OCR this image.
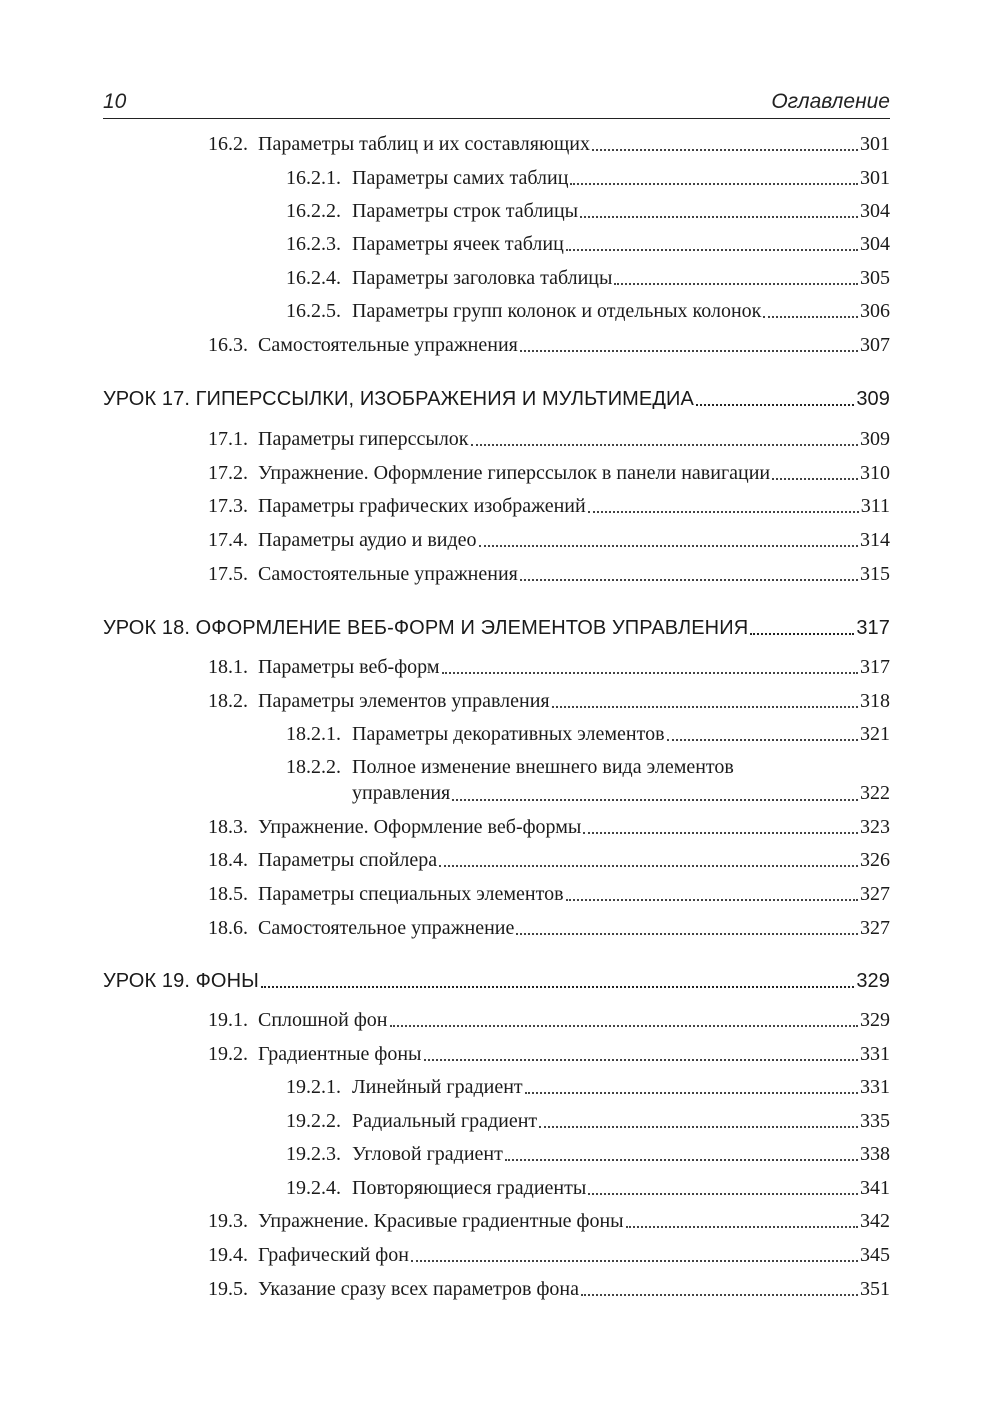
10	Оглавление
16.2. Параметры таблиц и их составляющих	301
16.2.1. Параметры самих таблиц	301
16.2.2. Параметры строк таблицы	304
16.2.3. Параметры ячеек таблиц	304
16.2.4. Параметры заголовка таблицы	305
16.2.5. Параметры групп колонок и отдельных колонок	306
16.3. Самостоятельные упражнения	307
УРОК 17. ГИПЕРССЫЛКИ, ИЗОБРАЖЕНИЯ И МУЛЬТИМЕДИА	309
17.1. Параметры гиперссылок	309
17.2. Упражнение. Оформление гиперссылок в панели навигации	310
17.3. Параметры графических изображений	311
17.4. Параметры аудио и видео	314
17.5. Самостоятельные упражнения	315
УРОК 18. ОФОРМЛЕНИЕ ВЕБ-ФОРМ И ЭЛЕМЕНТОВ УПРАВЛЕНИЯ	317
18.1. Параметры веб-форм	317
18.2. Параметры элементов управления	318
18.2.1. Параметры декоративных элементов	321
18.2.2. Полное изменение внешнего вида элементов
управления	322
18.3. Упражнение. Оформление веб-формы	323
18.4. Параметры спойлера	326
18.5. Параметры специальных элементов	327
18.6. Самостоятельное упражнение	327
УРОК 19. ФОНЫ	329
19.1. Сплошной фон	329
19.2. Градиентные фоны	331
19.2.1. Линейный градиент	331
19.2.2. Радиальный градиент	335
19.2.3. Угловой градиент	338
19.2.4. Повторяющиеся градиенты	341
19.3. Упражнение. Красивые градиентные фоны	342
19.4. Графический фон	345
19.5. Указание сразу всех параметров фона	351
